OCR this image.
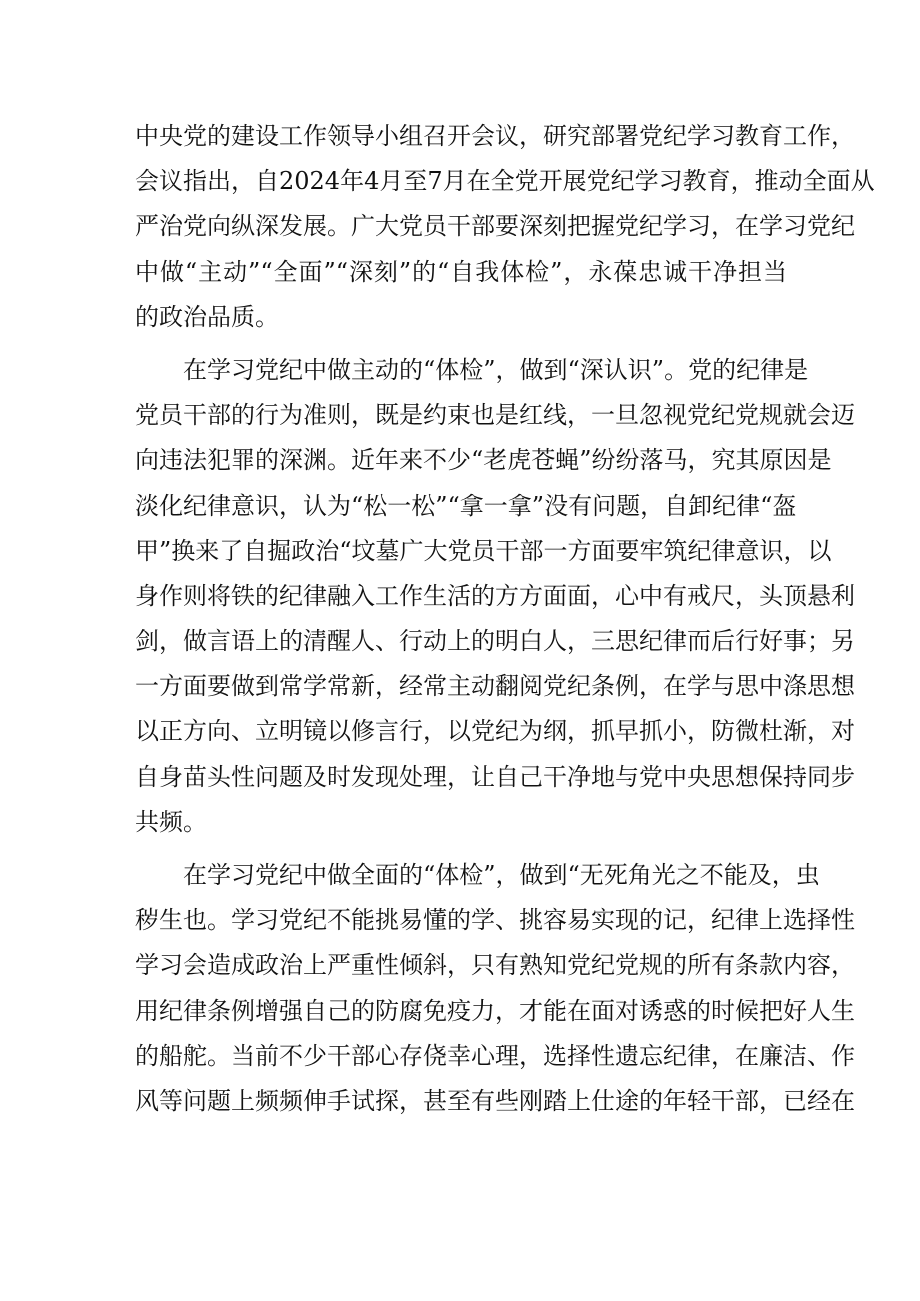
中央党的建设工作领导小组召开会议，研究部署党纪学习教育工作，
会议指出，自2024年4月至7月在全党开展党纪学习教育，推动全面从
严治党向纵深发展。广大党员干部要深刻把握党纪学习，在学习党纪
中做“主动”“全面”“深刻”的“自我体检”，永葆忠诚干净担当
的政治品质。
在学习党纪中做主动的“体检”，做到“深认识”。党的纪律是
党员干部的行为准则，既是约束也是红线，一旦忽视党纪党规就会迈
向违法犯罪的深渊。近年来不少“老虎苍蝇”纷纷落马，究其原因是
淡化纪律意识，认为“松一松”“拿一拿”没有问题，自卸纪律“盔
甲”换来了自掘政治“坟墓广大党员干部一方面要牢筑纪律意识，以
身作则将铁的纪律融入工作生活的方方面面，心中有戒尺，头顶悬利
剑，做言语上的清醒人、行动上的明白人，三思纪律而后行好事；另
一方面要做到常学常新，经常主动翻阅党纪条例，在学与思中涤思想
以正方向、立明镜以修言行，以党纪为纲，抓早抓小，防微杜渐，对
自身苗头性问题及时发现处理，让自己干净地与党中央思想保持同步
共频。
在学习党纪中做全面的“体检”，做到“无死角光之不能及，虫
秽生也。学习党纪不能挑易懂的学、挑容易实现的记，纪律上选择性
学习会造成政治上严重性倾斜，只有熟知党纪党规的所有条款内容，
用纪律条例增强自己的防腐免疫力，才能在面对诱惑的时候把好人生
的船舵。当前不少干部心存侥幸心理，选择性遗忘纪律，在廉洁、作
风等问题上频频伸手试探，甚至有些刚踏上仕途的年轻干部，已经在
